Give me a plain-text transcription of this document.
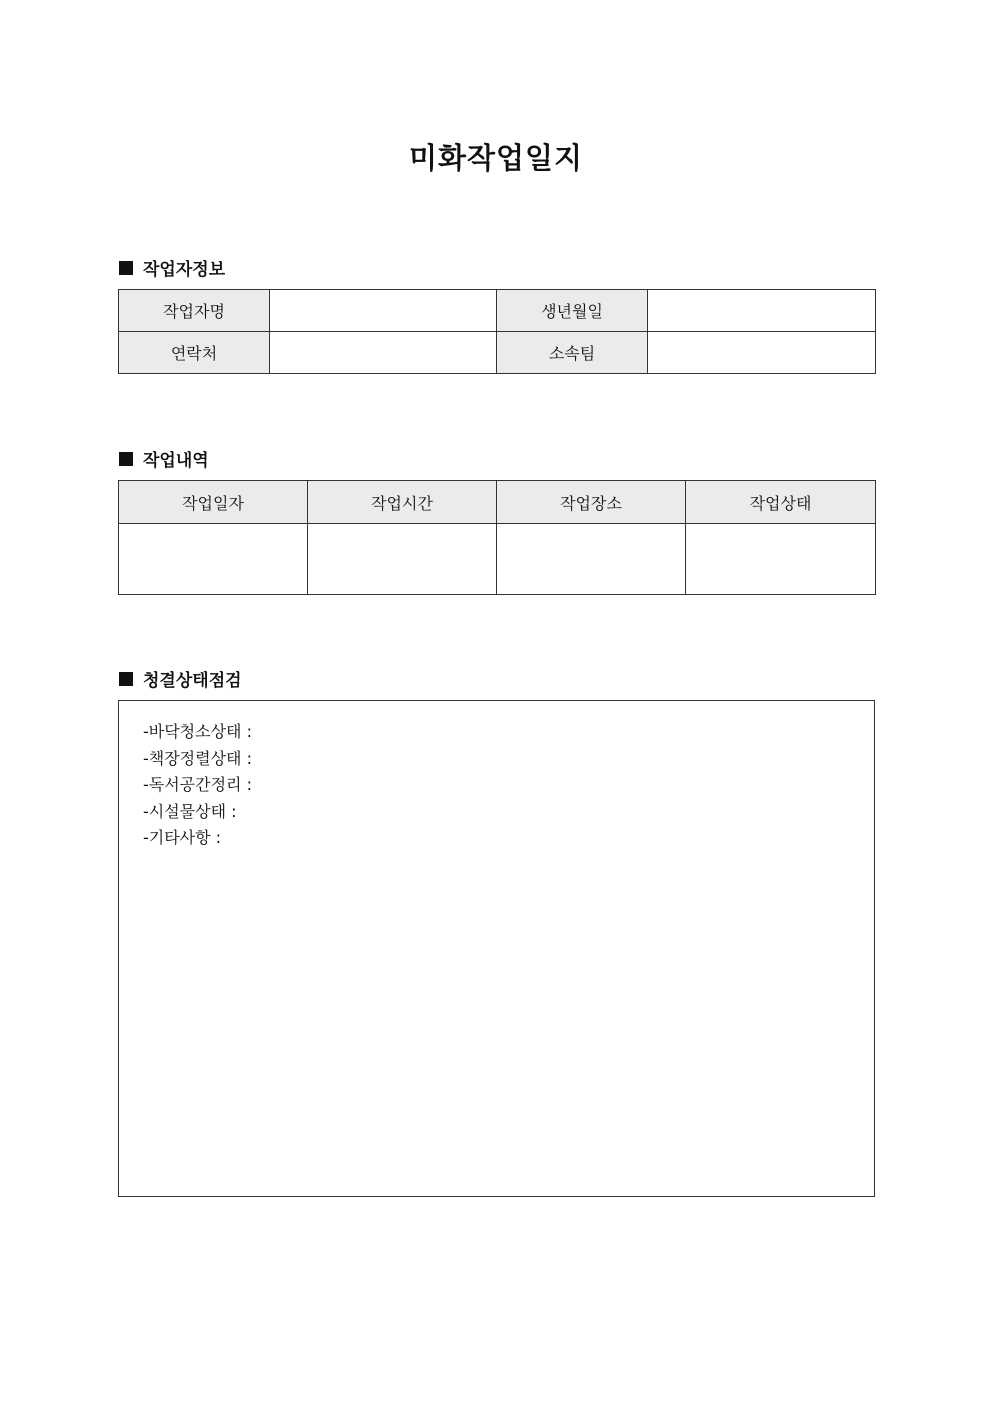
미화작업일지
작업자정보
작업자명		생년월일	
연락처		소속팀	
작업내역
작업일자	작업시간	작업장소	작업상태

청결상태점검
-바닥청소상태 :
-책장정렬상태 :
-독서공간정리 :
-시설물상태 :
-기타사항 :
